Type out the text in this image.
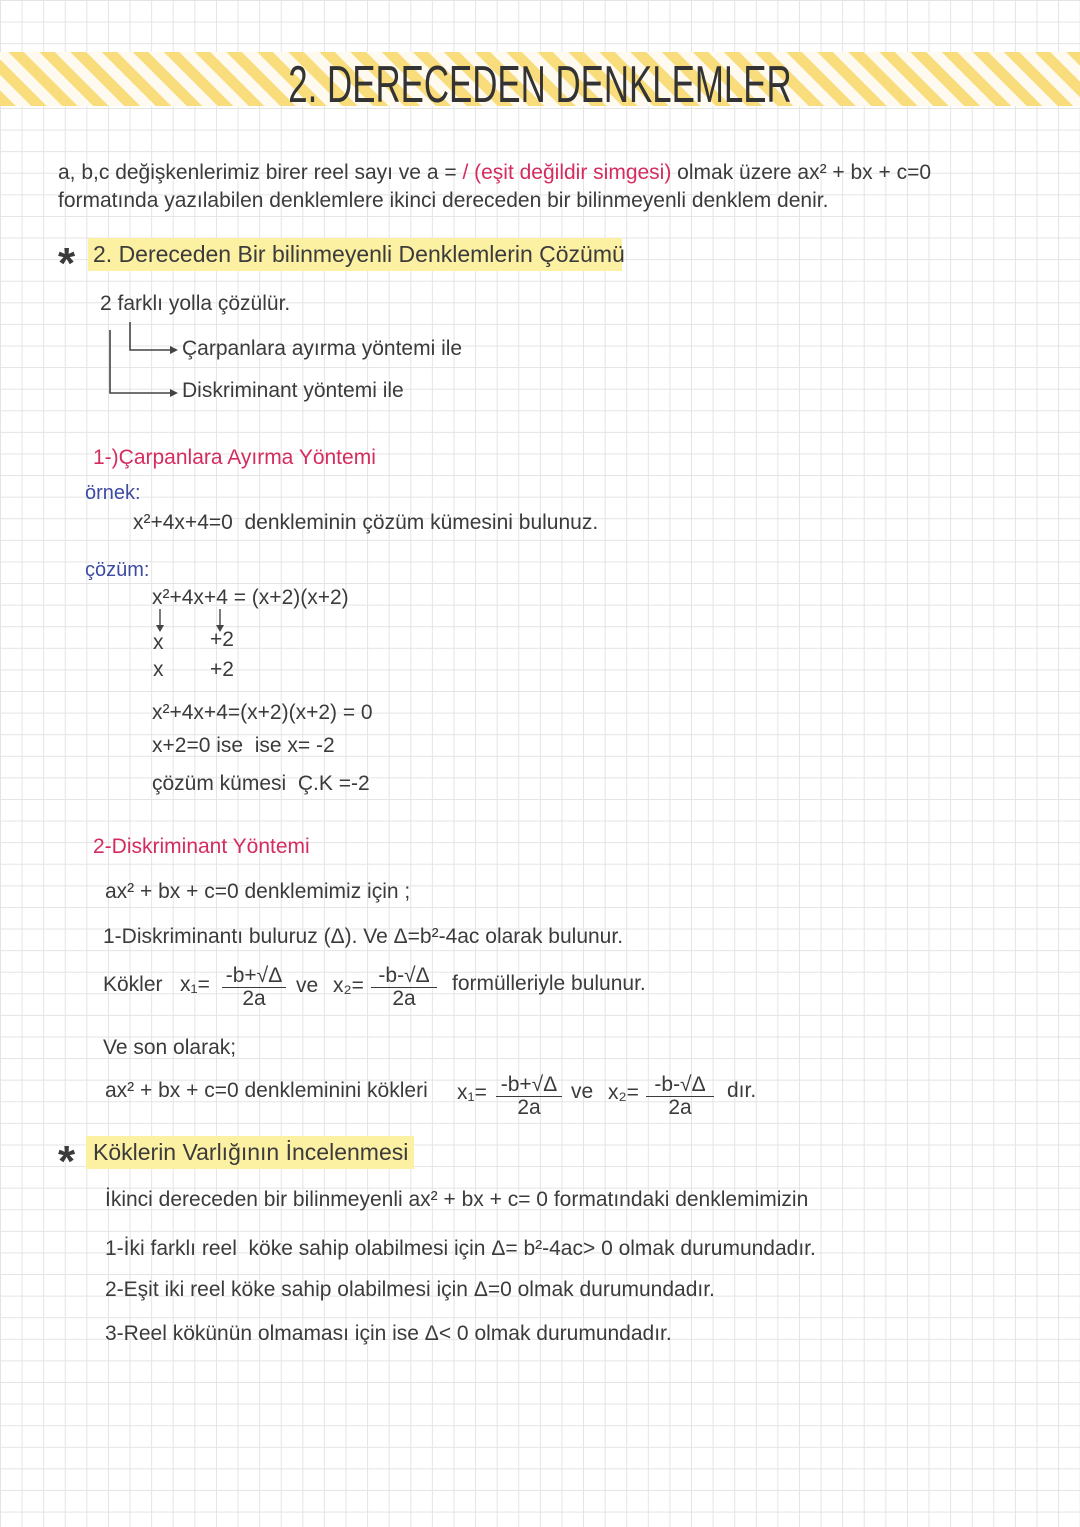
2. DERECEDEN DENKLEMLER
a, b,c değişkenlerimiz birer reel sayı ve a = / (eşit değildir simgesi) olmak üzere ax² + bx + c=0
formatında yazılabilen denklemlere ikinci dereceden bir bilinmeyenli denklem denir.
* 2. Dereceden Bir bilinmeyenli Denklemlerin Çözümü
2 farklı yolla çözülür.
Çarpanlara ayırma yöntemi ile
Diskriminant yöntemi ile
1-)Çarpanlara Ayırma Yöntemi
örnek:
x²+4x+4=0  denkleminin çözüm kümesini bulunuz.
çözüm:
x²+4x+4 = (x+2)(x+2)
x +2
x +2
x²+4x+4=(x+2)(x+2) = 0
x+2=0 ise  ise x= -2
çözüm kümesi  Ç.K =-2
2-Diskriminant Yöntemi
ax² + bx + c=0 denklemimiz için ;
1-Diskriminantı buluruz (Δ). Ve Δ=b²-4ac olarak bulunur.
Kökler $x_1= \frac{-b+√\Delta}{2a}$ ve $x_2= \frac{-b-√\Delta}{2a}$ formülleriyle bulunur.
Ve son olarak;
ax² + bx + c=0 denkleminini kökleri $x_1= \frac{-b+√\Delta}{2a}$ ve $x_2= \frac{-b-√\Delta}{2a}$ dır.
* Köklerin Varlığının İncelenmesi
İkinci dereceden bir bilinmeyenli ax² + bx + c= 0 formatındaki denklemimizin
1-İki farklı reel  köke sahip olabilmesi için Δ= b²-4ac> 0 olmak durumundadır.
2-Eşit iki reel köke sahip olabilmesi için Δ=0 olmak durumundadır.
3-Reel kökünün olmaması için ise Δ< 0 olmak durumundadır.
